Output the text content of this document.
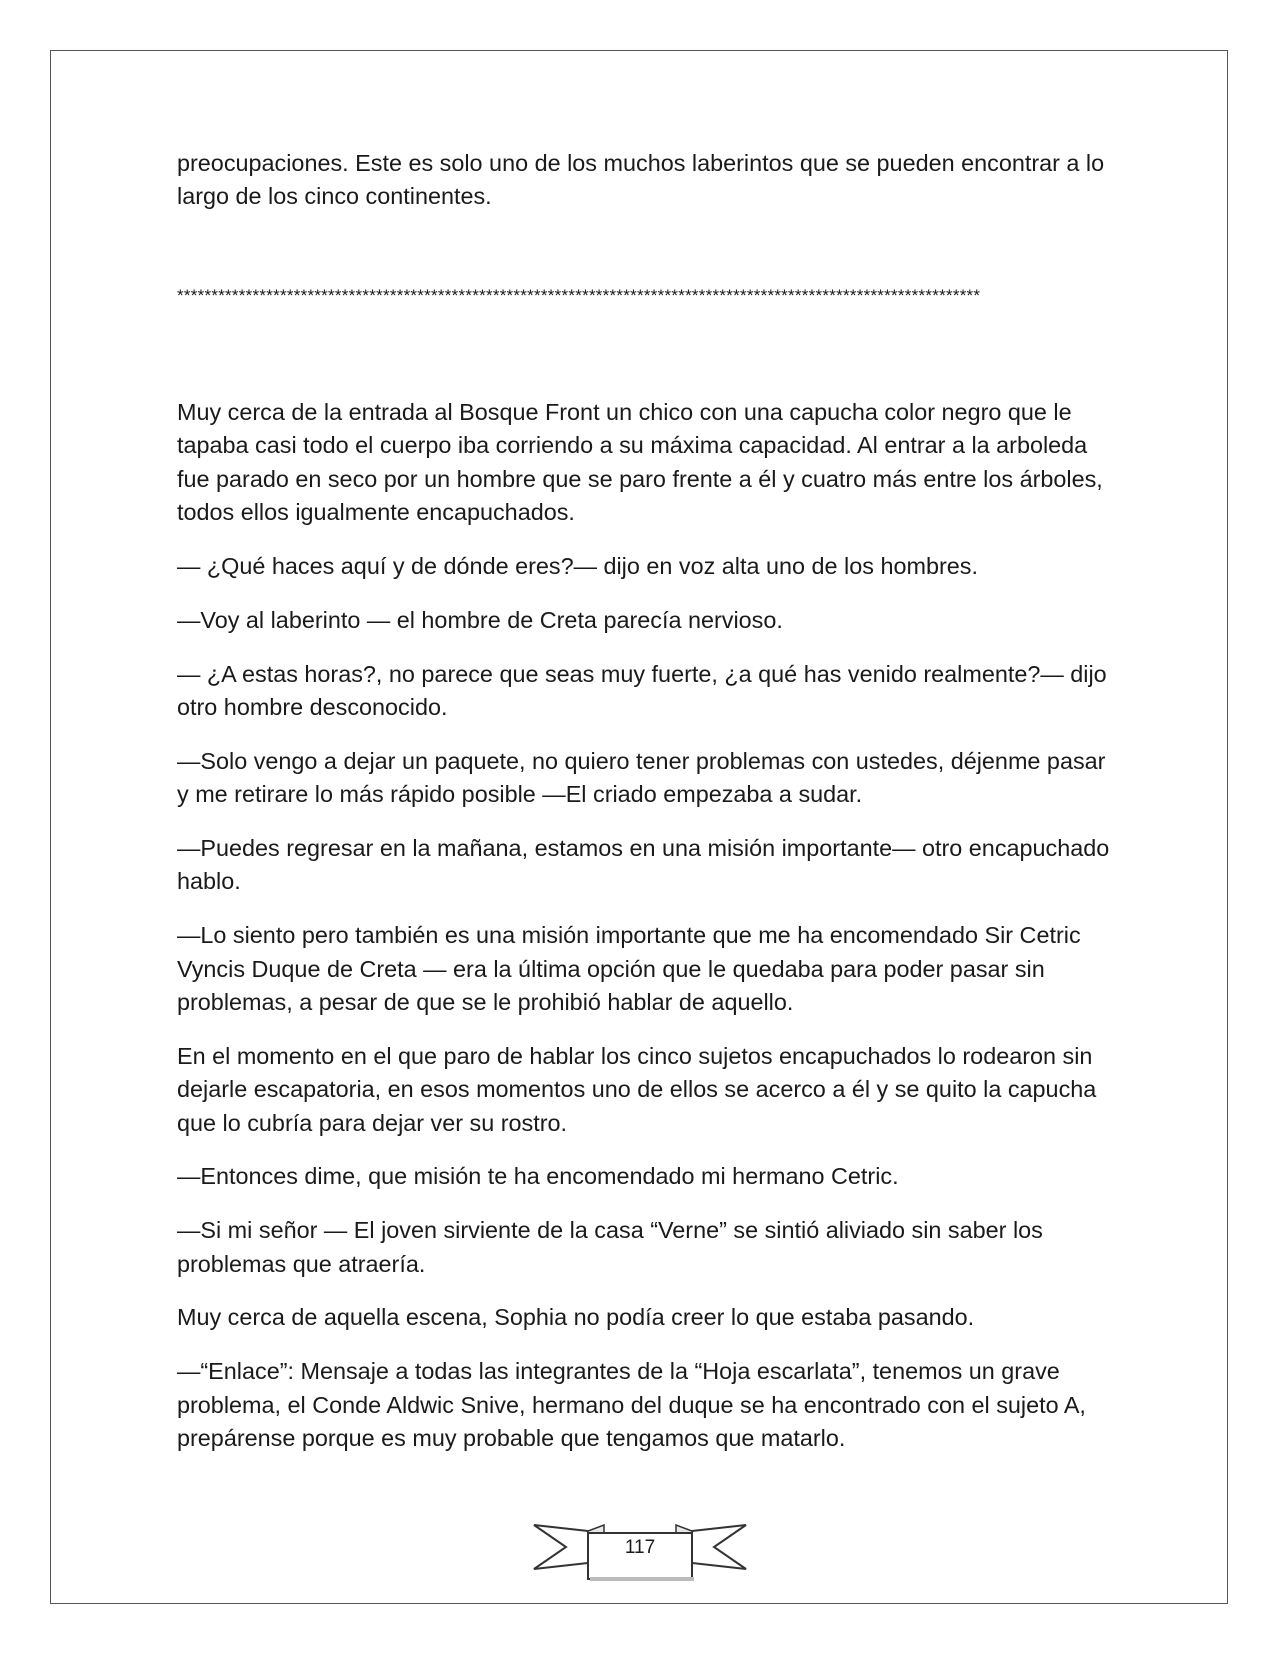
preocupaciones. Este es solo uno de los muchos laberintos que se pueden encontrar a lo largo de los cinco continentes.

*********************************************************************************************************************

Muy cerca de la entrada al Bosque Front un chico con una capucha color negro que le tapaba casi todo el cuerpo iba corriendo a su máxima capacidad. Al entrar a la arboleda fue parado en seco por un hombre que se paro frente a él y cuatro más entre los árboles, todos ellos igualmente encapuchados.

— ¿Qué haces aquí y de dónde eres?— dijo en voz alta uno de los hombres.

—Voy al laberinto — el hombre de Creta parecía nervioso.

— ¿A estas horas?, no parece que seas muy fuerte, ¿a qué has venido realmente?— dijo otro hombre desconocido.

—Solo vengo a dejar un paquete, no quiero tener problemas con ustedes, déjenme pasar y me retirare lo más rápido posible —El criado empezaba a sudar.

—Puedes regresar en la mañana, estamos en una misión importante— otro encapuchado hablo.

—Lo siento pero también es una misión importante que me ha encomendado Sir Cetric Vyncis Duque de Creta — era la última opción que le quedaba para poder pasar sin problemas, a pesar de que se le prohibió hablar de aquello.

En el momento en el que paro de hablar los cinco sujetos encapuchados lo rodearon sin dejarle escapatoria, en esos momentos uno de ellos se acerco a él y se quito la capucha que lo cubría para dejar ver su rostro.

—Entonces dime, que misión te ha encomendado mi hermano Cetric.

—Si mi señor — El joven sirviente de la casa “Verne” se sintió aliviado sin saber los problemas que atraería.

Muy cerca de aquella escena, Sophia no podía creer lo que estaba pasando.

—“Enlace”: Mensaje a todas las integrantes de la “Hoja escarlata”, tenemos un grave problema, el Conde Aldwic Snive, hermano del duque se ha encontrado con el sujeto A, prepárense porque es muy probable que tengamos que matarlo.

117
